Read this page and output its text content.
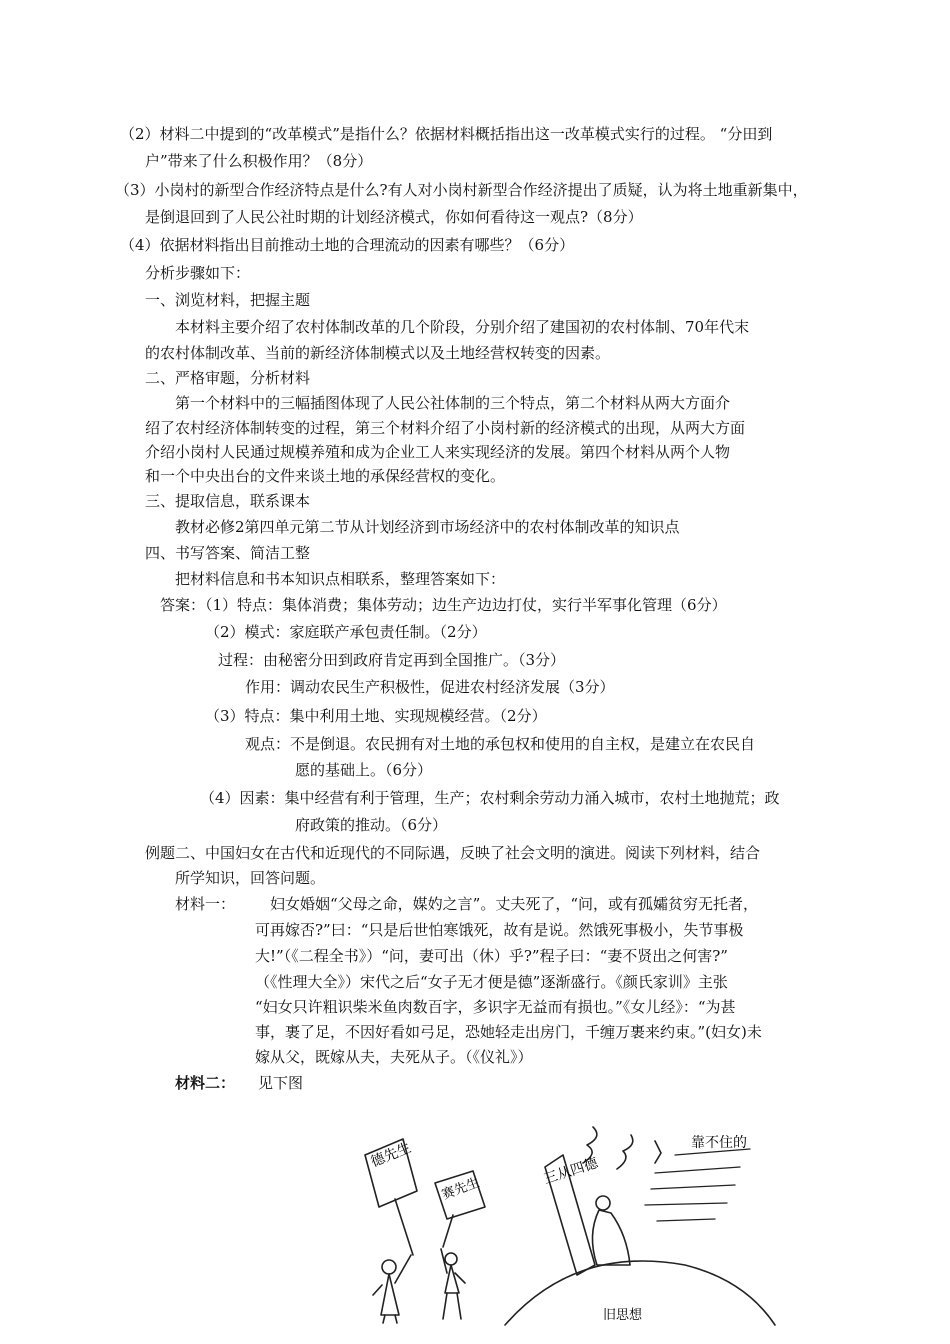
（2）材料二中提到的“改革模式”是指什么？依据材料概括指出这一改革模式实行的过程。 “分田到
户”带来了什么积极作用？（8分）
（3）小岗村的新型合作经济特点是什么?有人对小岗村新型合作经济提出了质疑，认为将土地重新集中，
是倒退回到了人民公社时期的计划经济模式，你如何看待这一观点?（8分）
（4）依据材料指出目前推动土地的合理流动的因素有哪些？（6分）
分析步骤如下：
一、浏览材料，把握主题
本材料主要介绍了农村体制改革的几个阶段，分别介绍了建国初的农村体制、70年代末
的农村体制改革、当前的新经济体制模式以及土地经营权转变的因素。
二、严格审题，分析材料
第一个材料中的三幅插图体现了人民公社体制的三个特点，第二个材料从两大方面介
绍了农村经济体制转变的过程，第三个材料介绍了小岗村新的经济模式的出现，从两大方面
介绍小岗村人民通过规模养殖和成为企业工人来实现经济的发展。第四个材料从两个人物
和一个中央出台的文件来谈土地的承保经营权的变化。
三、提取信息，联系课本
教材必修2第四单元第二节从计划经济到市场经济中的农村体制改革的知识点
四、书写答案、简洁工整
把材料信息和书本知识点相联系，整理答案如下：
答案：（1）特点：集体消费；集体劳动；边生产边边打仗，实行半军事化管理（6分）
（2）模式：家庭联产承包责任制。（2分）
过程：由秘密分田到政府肯定再到全国推广。（3分）
作用：调动农民生产积极性，促进农村经济发展（3分）
（3）特点：集中利用土地、实现规模经营。（2分）
观点：不是倒退。农民拥有对土地的承包权和使用的自主权，是建立在农民自
愿的基础上。（6分）
（4）因素：集中经营有利于管理，生产；农村剩余劳动力涌入城市，农村土地抛荒；政
府政策的推动。（6分）
例题二、中国妇女在古代和近现代的不同际遇，反映了社会文明的演进。阅读下列材料，结合
所学知识，回答问题。
材料一： 妇女婚姻“父母之命，媒妁之言”。丈夫死了，“问，或有孤孀贫穷无托者，
可再嫁否?”曰：“只是后世怕寒饿死，故有是说。然饿死事极小，失节事极
大!”（《二程全书》）“问，妻可出（休）乎?”程子曰：“妻不贤出之何害?”
（《性理大全》）宋代之后“女子无才便是德”逐渐盛行。《颜氏家训》主张
“妇女只许粗识柴米鱼肉数百字，多识字无益而有损也。”《女儿经》：“为甚
事，裹了足，不因好看如弓足，恐她轻走出房门，千缠万裹来约束。”(妇女)未
嫁从父，既嫁从夫，夫死从子。（《仪礼》）
材料二： 见下图
德先生
赛先生
三从四德
靠不住的
旧思想
